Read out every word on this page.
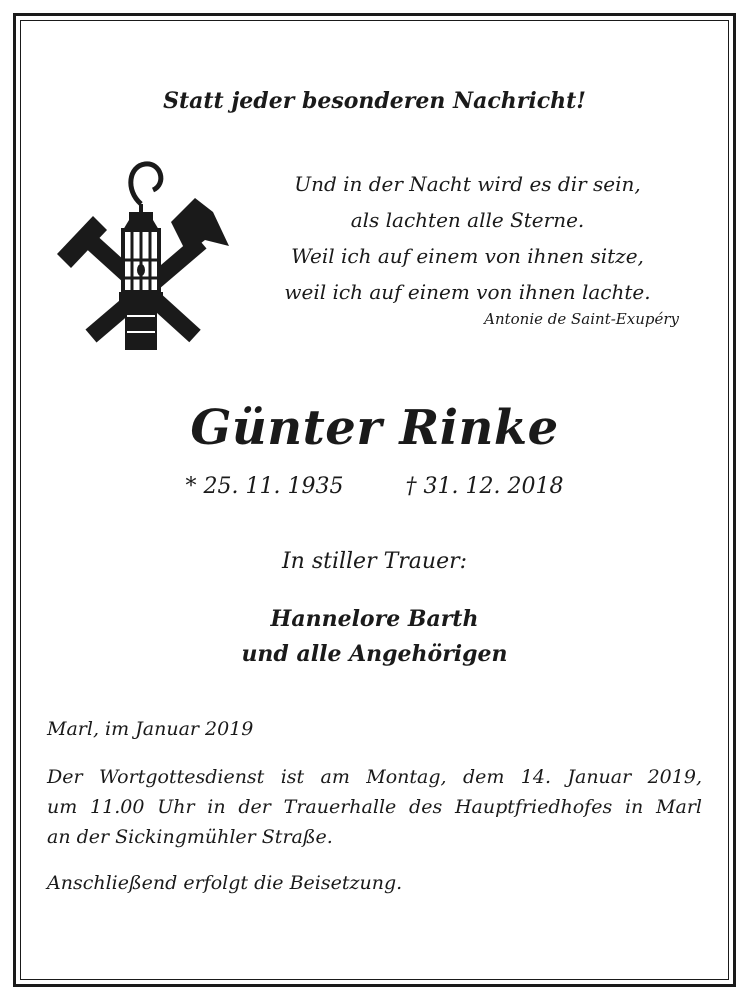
Statt jeder besonderen Nachricht!
Und in der Nacht wird es dir sein,
als lachten alle Sterne.
Weil ich auf einem von ihnen sitze,
weil ich auf einem von ihnen lachte.
Antonie de Saint-Exupéry
Günter Rinke
* 25. 11. 1935	† 31. 12. 2018
In stiller Trauer:
Hannelore Barth
und alle Angehörigen
Marl, im Januar 2019
Der Wortgottesdienst ist am Montag, dem 14. Januar 2019,
um 11.00 Uhr in der Trauerhalle des Hauptfriedhofes in Marl
an der Sickingmühler Straße.
Anschließend erfolgt die Beisetzung.
